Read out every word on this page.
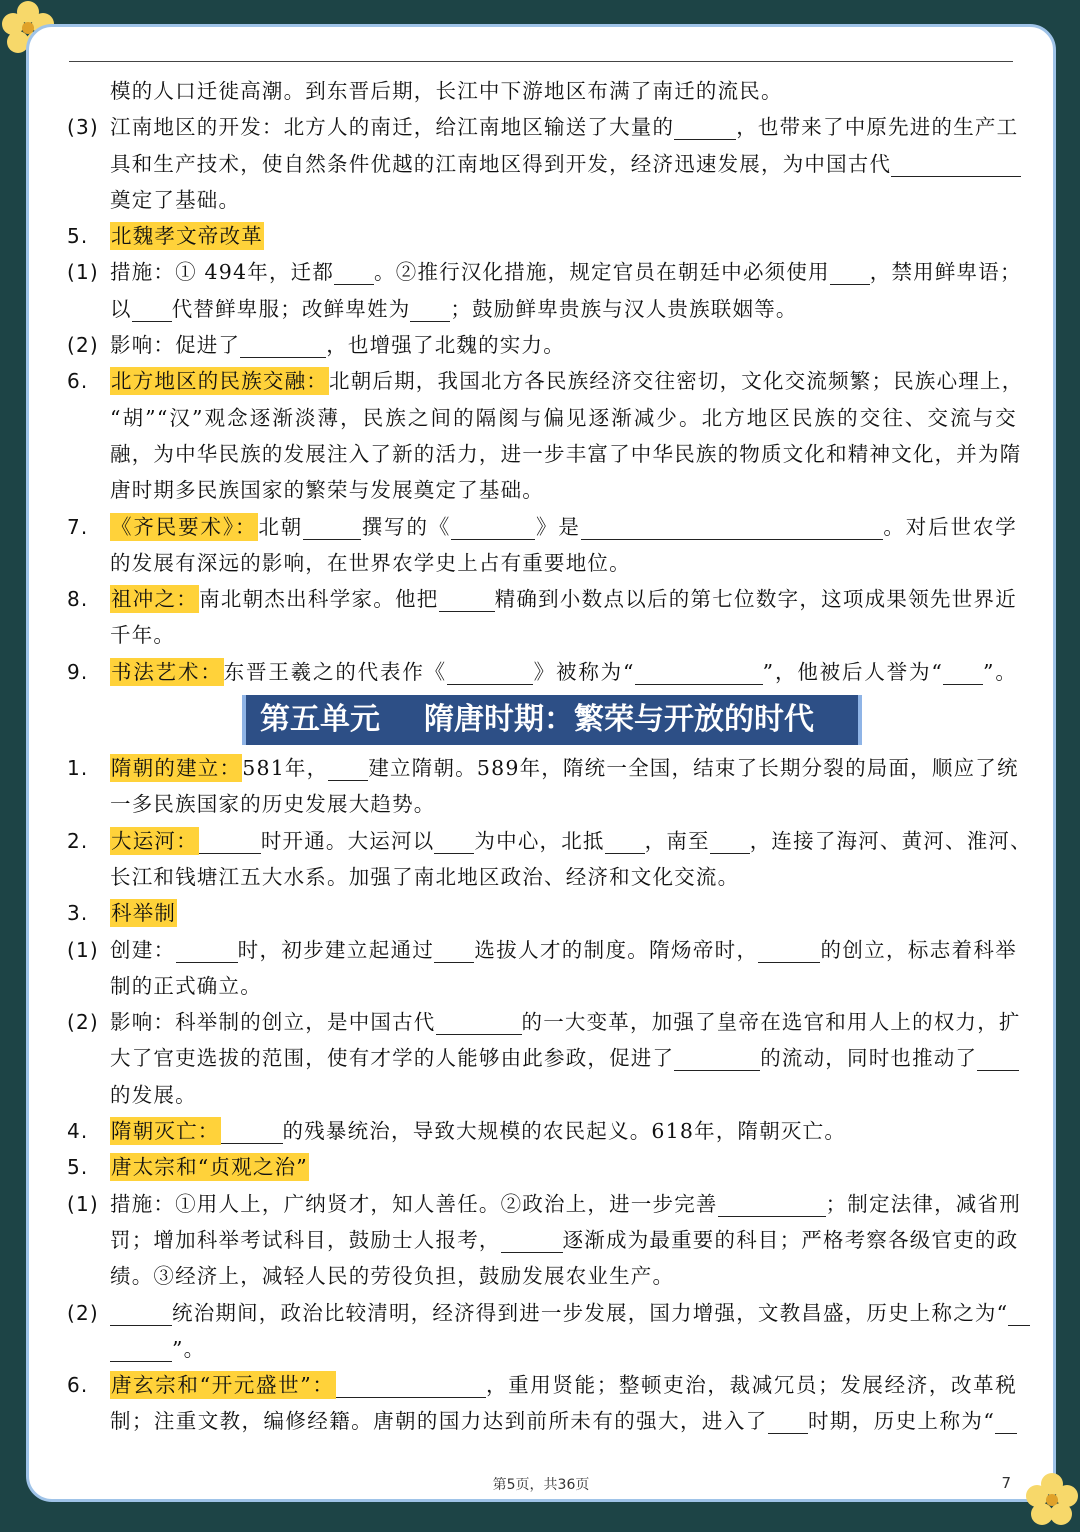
模的人口迁徙高潮。到东晋后期，长江中下游地区布满了南迁的流民。
(3) 江南地区的开发：北方人的南迁，给江南地区输送了大量的	，也带来了中原先进的生产工
具和生产技术，使自然条件优越的江南地区得到开发，经济迅速发展，为中国古代
奠定了基础。
5.	北魏孝文帝改革
(1) 措施：① 494年，迁都 。②推行汉化措施，规定官员在朝廷中必须使用 ，禁用鲜卑语；
以 代替鲜卑服；改鲜卑姓为 ；鼓励鲜卑贵族与汉人贵族联姻等。
(2) 影响：促进了	，也增强了北魏的实力。
6.	北方地区的民族交融：北朝后期，我国北方各民族经济交往密切，文化交流频繁；民族心理上，
“胡”“汉”观念逐渐淡薄，民族之间的隔阂与偏见逐渐减少。北方地区民族的交往、交流与交
融，为中华民族的发展注入了新的活力，进一步丰富了中华民族的物质文化和精神文化，并为隋
唐时期多民族国家的繁荣与发展奠定了基础。
7.	《齐民要术》：北朝	撰写的《	》是	。对后世农学
的发展有深远的影响，在世界农学史上占有重要地位。
8.	祖冲之：南北朝杰出科学家。他把	精确到小数点以后的第七位数字，这项成果领先世界近
千年。
9.	书法艺术：东晋王羲之的代表作《	》被称为“	”，他被后人誉为“ ”。
第五单元 隋唐时期：繁荣与开放的时代
1.	隋朝的建立：581年， 建立隋朝。589年，隋统一全国，结束了长期分裂的局面，顺应了统
一多民族国家的历史发展大趋势。
2.	大运河：	时开通。大运河以 为中心，北抵 ，南至 ，连接了海河、黄河、淮河、
长江和钱塘江五大水系。加强了南北地区政治、经济和文化交流。
3.	科举制
(1) 创建：	时，初步建立起通过 选拔人才的制度。隋炀帝时，	的创立，标志着科举
制的正式确立。
(2) 影响：科举制的创立，是中国古代	的一大变革，加强了皇帝在选官和用人上的权力，扩
大了官吏选拔的范围，使有才学的人能够由此参政，促进了	的流动，同时也推动了
的发展。
4.	隋朝灭亡：	的残暴统治，导致大规模的农民起义。618年，隋朝灭亡。
5.	唐太宗和“贞观之治”
(1) 措施：①用人上，广纳贤才，知人善任。②政治上，进一步完善	；制定法律，减省刑
罚；增加科举考试科目，鼓励士人报考，	逐渐成为最重要的科目；严格考察各级官吏的政
绩。③经济上，减轻人民的劳役负担，鼓励发展农业生产。
(2)	统治期间，政治比较清明，经济得到进一步发展，国力增强，文教昌盛，历史上称之为“
”。
6.	唐玄宗和“开元盛世”：	，重用贤能；整顿吏治，裁减冗员；发展经济，改革税
制；注重文教，编修经籍。唐朝的国力达到前所未有的强大，进入了 时期，历史上称为“
第5页，共36页	7
